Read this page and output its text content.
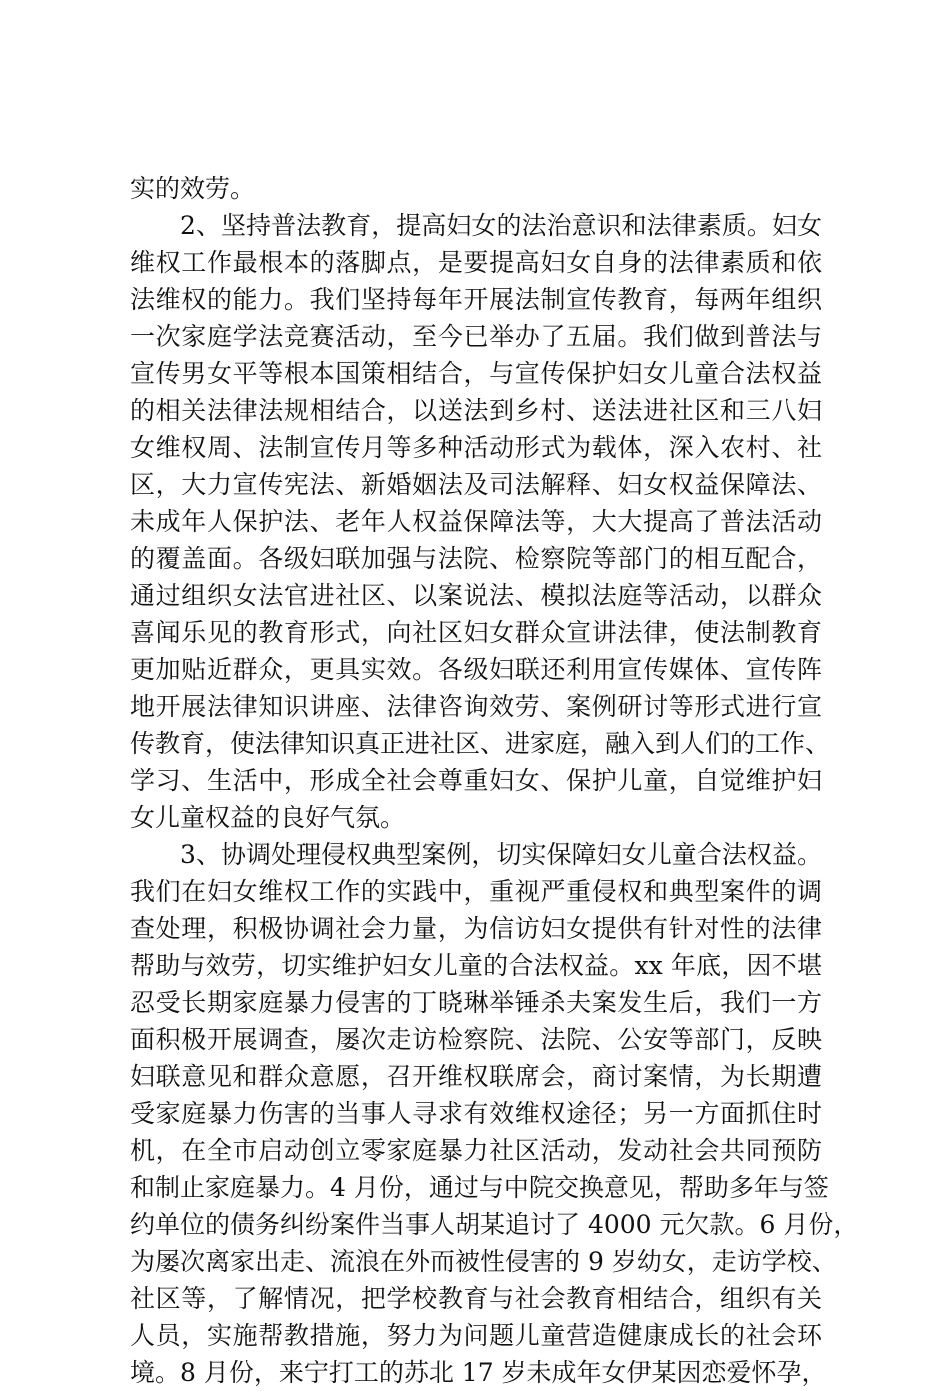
实的效劳。
2、坚持普法教育，提高妇女的法治意识和法律素质。妇女
维权工作最根本的落脚点，是要提高妇女自身的法律素质和依
法维权的能力。我们坚持每年开展法制宣传教育，每两年组织
一次家庭学法竞赛活动，至今已举办了五届。我们做到普法与
宣传男女平等根本国策相结合，与宣传保护妇女儿童合法权益
的相关法律法规相结合，以送法到乡村、送法进社区和三八妇
女维权周、法制宣传月等多种活动形式为载体，深入农村、社
区，大力宣传宪法、新婚姻法及司法解释、妇女权益保障法、
未成年人保护法、老年人权益保障法等，大大提高了普法活动
的覆盖面。各级妇联加强与法院、检察院等部门的相互配合，
通过组织女法官进社区、以案说法、模拟法庭等活动，以群众
喜闻乐见的教育形式，向社区妇女群众宣讲法律，使法制教育
更加贴近群众，更具实效。各级妇联还利用宣传媒体、宣传阵
地开展法律知识讲座、法律咨询效劳、案例研讨等形式进行宣
传教育，使法律知识真正进社区、进家庭，融入到人们的工作、
学习、生活中，形成全社会尊重妇女、保护儿童，自觉维护妇
女儿童权益的良好气氛。
3、协调处理侵权典型案例，切实保障妇女儿童合法权益。
我们在妇女维权工作的实践中，重视严重侵权和典型案件的调
查处理，积极协调社会力量，为信访妇女提供有针对性的法律
帮助与效劳，切实维护妇女儿童的合法权益。xx 年底，因不堪
忍受长期家庭暴力侵害的丁晓琳举锤杀夫案发生后，我们一方
面积极开展调查，屡次走访检察院、法院、公安等部门，反映
妇联意见和群众意愿，召开维权联席会，商讨案情，为长期遭
受家庭暴力伤害的当事人寻求有效维权途径；另一方面抓住时
机，在全市启动创立零家庭暴力社区活动，发动社会共同预防
和制止家庭暴力。4 月份，通过与中院交换意见，帮助多年与签
约单位的债务纠纷案件当事人胡某追讨了 4000 元欠款。6 月份，
为屡次离家出走、流浪在外而被性侵害的 9 岁幼女，走访学校、
社区等，了解情况，把学校教育与社会教育相结合，组织有关
人员，实施帮教措施，努力为问题儿童营造健康成长的社会环
境。8 月份，来宁打工的苏北 17 岁未成年女伊某因恋爱怀孕，
